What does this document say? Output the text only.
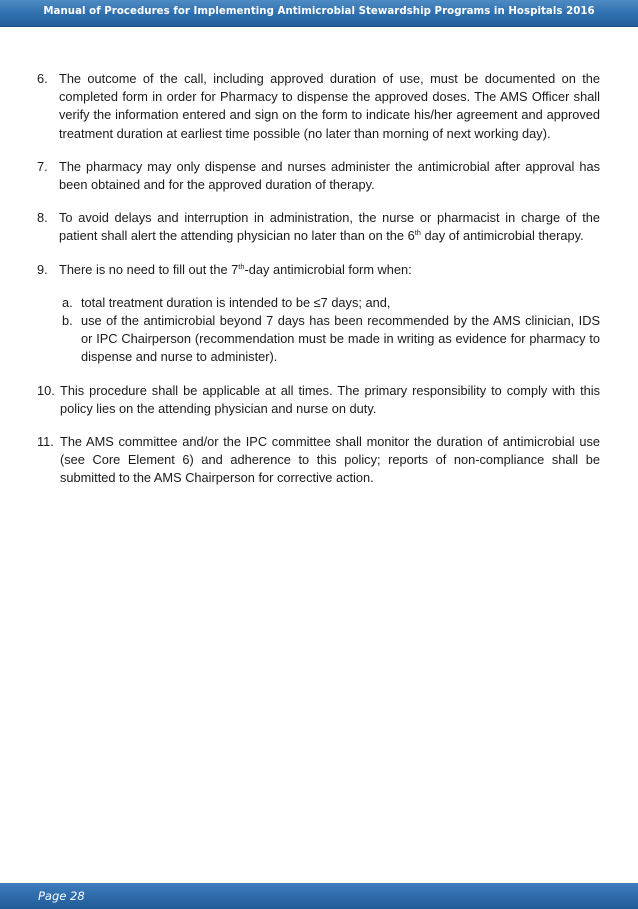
Manual of Procedures for Implementing Antimicrobial Stewardship Programs in Hospitals 2016
6. The outcome of the call, including approved duration of use, must be documented on the completed form in order for Pharmacy to dispense the approved doses. The AMS Officer shall verify the information entered and sign on the form to indicate his/her agreement and approved treatment duration at earliest time possible (no later than morning of next working day).
7. The pharmacy may only dispense and nurses administer the antimicrobial after approval has been obtained and for the approved duration of therapy.
8. To avoid delays and interruption in administration, the nurse or pharmacist in charge of the patient shall alert the attending physician no later than on the 6th day of antimicrobial therapy.
9. There is no need to fill out the 7th-day antimicrobial form when:
a. total treatment duration is intended to be ≤7 days; and,
b. use of the antimicrobial beyond 7 days has been recommended by the AMS clinician, IDS or IPC Chairperson (recommendation must be made in writing as evidence for pharmacy to dispense and nurse to administer).
10. This procedure shall be applicable at all times. The primary responsibility to comply with this policy lies on the attending physician and nurse on duty.
11. The AMS committee and/or the IPC committee shall monitor the duration of antimicrobial use (see Core Element 6) and adherence to this policy; reports of non-compliance shall be submitted to the AMS Chairperson for corrective action.
Page 28
